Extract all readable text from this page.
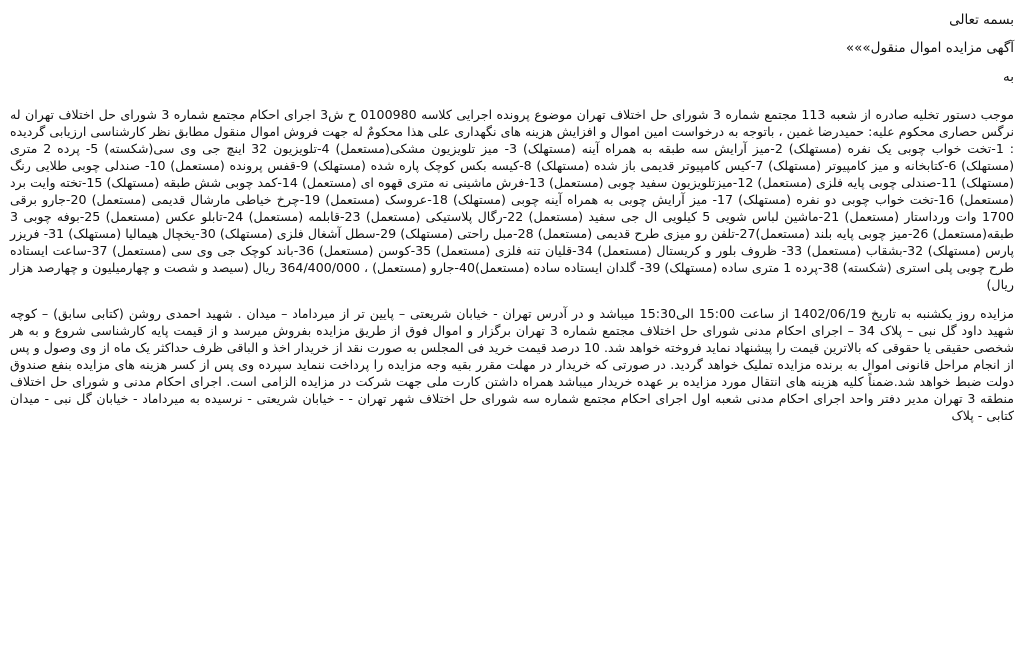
بسمه تعالی

آگهی مزایده اموال منقول»»»

به

موجب دستور تخلیه صادره از شعبه 113 مجتمع شماره 3 شورای حل اختلاف تهران موضوع پرونده اجرایی کلاسه 0100980 ح ش3 اجرای احکام مجتمع شماره 3 شورای حل اختلاف تهران له نرگس حصاری محکوم علیه: حمیدرضا غمین ، باتوجه به درخواست امین اموال و افزایش هزینه های نگهداری علی هذا محکومٌ له جهت فروش اموال منقول مطابق نظر کارشناسی ارزیابی گردیده : 1-تخت خواب چوبی یک نفره (مستهلک) 2-میز آرایش سه طبقه به همراه آینه (مستهلک) 3- میز تلویزیون مشکی(مستعمل) 4-تلویزیون 32 اینچ جی وی سی(شکسته) 5- پرده 2 متری (مستهلک) 6-کتابخانه و میز کامپیوتر (مستهلک) 7-کیس کامپیوتر قدیمی باز شده (مستهلک) 8-کیسه بکس کوچک پاره شده (مستهلک) 9-قفس پرونده (مستعمل) 10- صندلی چوبی طلایی رنگ (مستهلک) 11-صندلی چوبی پایه فلزی (مستعمل) 12-میزتلویزیون سفید چوبی (مستعمل) 13-فرش ماشینی نه متری قهوه ای (مستعمل) 14-کمد چوبی شش طبقه (مستهلک) 15-تخته وایت برد (مستعمل) 16-تخت خواب چوبی دو نفره (مستهلک) 17- میز آرایش چوبی به همراه آینه چوبی (مستهلک) 18-عروسک (مستعمل) 19-چرخ خیاطی مارشال قدیمی (مستعمل) 20-جارو برقی 1700 وات ورداستار (مستعمل) 21-ماشین لباس شویی 5 کیلویی ال جی سفید (مستعمل) 22-رگال پلاستیکی (مستعمل) 23-قابلمه (مستعمل) 24-تابلو عکس (مستعمل) 25-بوفه چوبی 3 طبقه(مستعمل) 26-میز چوبی پایه بلند (مستعمل)27-تلفن رو میزی طرح قدیمی (مستعمل) 28-مبل راحتی (مستهلک) 29-سطل آشغال فلزی (مستهلک) 30-یخچال هیمالیا (مستهلک) 31- فریزر پارس (مستهلک) 32-بشقاب (مستعمل) 33- ظروف بلور و کریستال (مستعمل) 34-قلیان تنه فلزی (مستعمل) 35-کوسن (مستعمل) 36-باند کوچک جی وی سی (مستعمل) 37-ساعت ایستاده طرح چوبی پلی استری (شکسته) 38-پرده 1 متری ساده (مستهلک) 39- گلدان ایستاده ساده (مستعمل)40-جارو (مستعمل) ، 364/400/000 ریال (سیصد و شصت و چهارمیلیون و چهارصد هزار ریال)

مزایده روز یکشنبه به تاریخ 1402/06/19 از ساعت 15:00 الی15:30 میباشد و در آدرس تهران - خیابان شریعتی – پایین تر از میرداماد – میدان . شهید احمدی روشن (کتابی سابق) – کوچه شهید داود گل نبی – پلاک 34 – اجرای احکام مدنی شورای حل اختلاف مجتمع شماره 3 تهران برگزار و اموال فوق از طریق مزایده بفروش میرسد و از قیمت پایه کارشناسی شروع و به هر شخصی حقیقی یا حقوقی که بالاترین قیمت را پیشنهاد نماید فروخته خواهد شد. 10 درصد قیمت خرید فی المجلس به صورت نقد از خریدار اخذ و الباقی ظرف حداکثر یک ماه از وی وصول و پس از انجام مراحل قانونی اموال به برنده مزایده تملیک خواهد گردید. در صورتی که خریدار در مهلت مقرر بقیه وجه مزایده را پرداخت ننماید سپرده وی پس از کسر هزینه های مزایده بنفع صندوق دولت ضبط خواهد شد.ضمناً کلیه هزینه های انتقال مورد مزایده بر عهده خریدار میباشد همراه داشتن کارت ملی جهت شرکت در مزایده الزامی است. اجرای احکام مدنی و شورای حل اختلاف منطقه 3 تهران مدیر دفتر واحد اجرای احکام مدنی شعبه اول اجرای احکام مجتمع شماره سه شورای حل اختلاف شهر تهران - - خیابان شریعتی - نرسیده به میرداماد - خیابان گل نبی - میدان کتابی - پلاک
